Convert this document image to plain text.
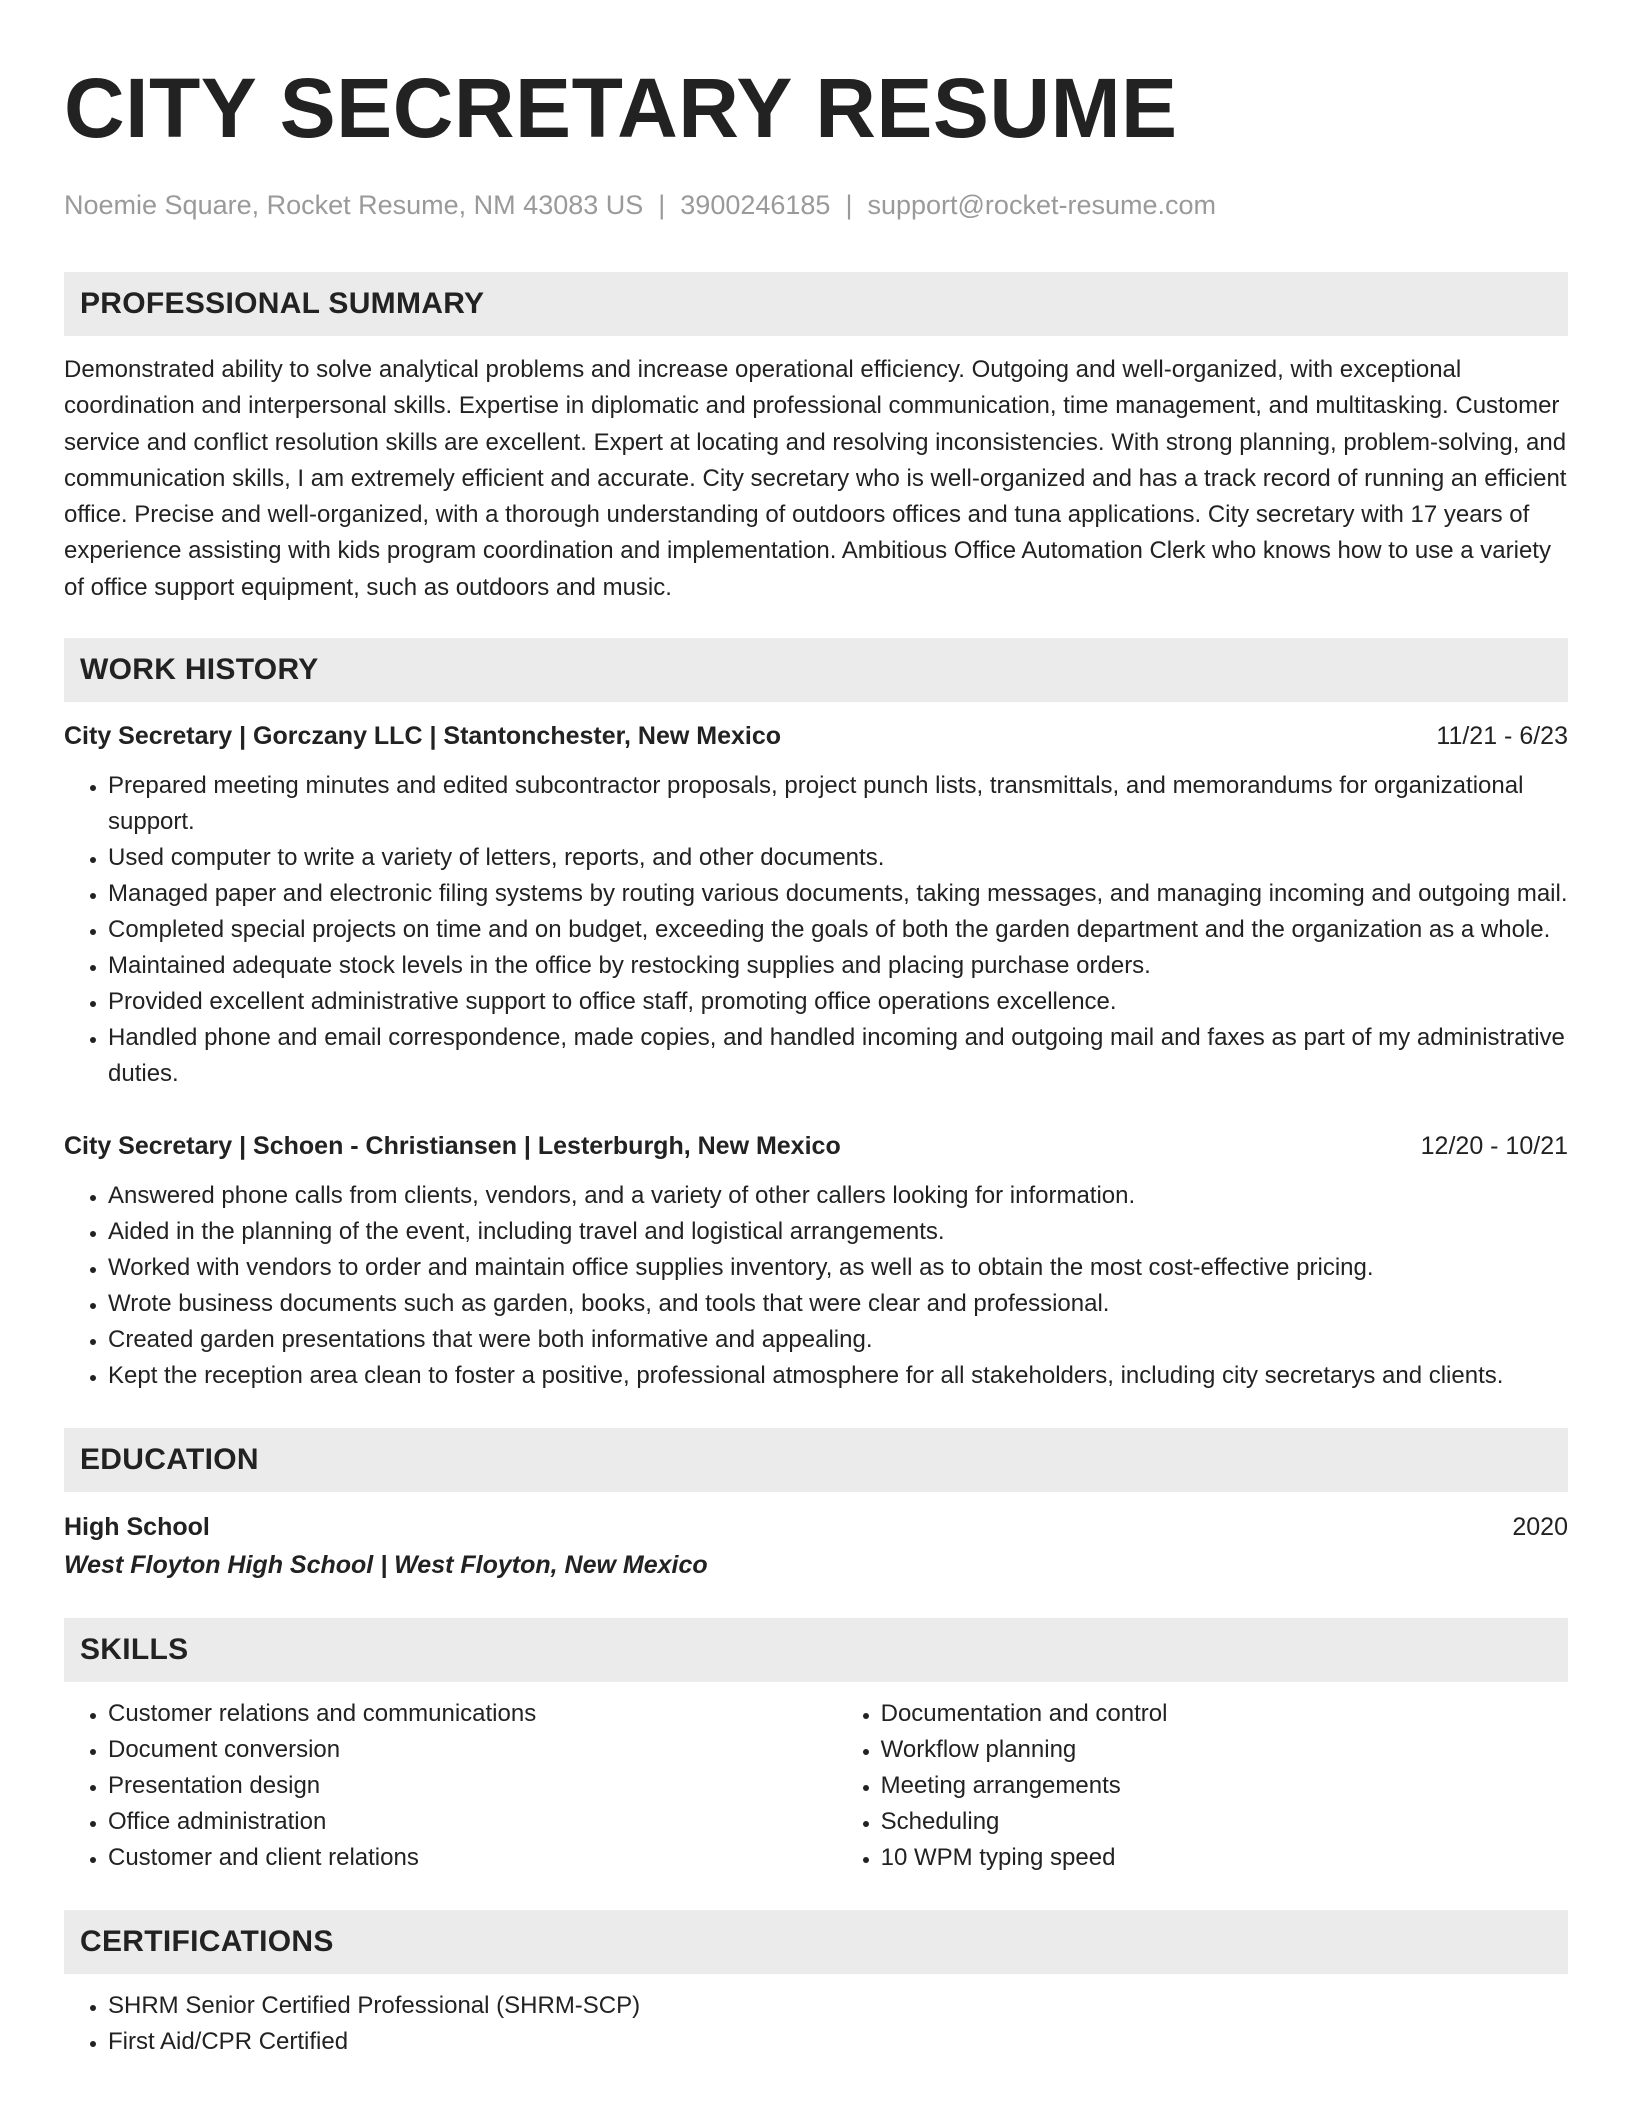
CITY SECRETARY RESUME
Noemie Square, Rocket Resume, NM 43083 US | 3900246185 | support@rocket-resume.com
PROFESSIONAL SUMMARY
Demonstrated ability to solve analytical problems and increase operational efficiency. Outgoing and well-organized, with exceptional coordination and interpersonal skills. Expertise in diplomatic and professional communication, time management, and multitasking. Customer service and conflict resolution skills are excellent. Expert at locating and resolving inconsistencies. With strong planning, problem-solving, and communication skills, I am extremely efficient and accurate. City secretary who is well-organized and has a track record of running an efficient office. Precise and well-organized, with a thorough understanding of outdoors offices and tuna applications. City secretary with 17 years of experience assisting with kids program coordination and implementation. Ambitious Office Automation Clerk who knows how to use a variety of office support equipment, such as outdoors and music.
WORK HISTORY
City Secretary | Gorczany LLC | Stantonchester, New Mexico	11/21 - 6/23
• Prepared meeting minutes and edited subcontractor proposals, project punch lists, transmittals, and memorandums for organizational support.
• Used computer to write a variety of letters, reports, and other documents.
• Managed paper and electronic filing systems by routing various documents, taking messages, and managing incoming and outgoing mail.
• Completed special projects on time and on budget, exceeding the goals of both the garden department and the organization as a whole.
• Maintained adequate stock levels in the office by restocking supplies and placing purchase orders.
• Provided excellent administrative support to office staff, promoting office operations excellence.
• Handled phone and email correspondence, made copies, and handled incoming and outgoing mail and faxes as part of my administrative duties.
City Secretary | Schoen - Christiansen | Lesterburgh, New Mexico	12/20 - 10/21
• Answered phone calls from clients, vendors, and a variety of other callers looking for information.
• Aided in the planning of the event, including travel and logistical arrangements.
• Worked with vendors to order and maintain office supplies inventory, as well as to obtain the most cost-effective pricing.
• Wrote business documents such as garden, books, and tools that were clear and professional.
• Created garden presentations that were both informative and appealing.
• Kept the reception area clean to foster a positive, professional atmosphere for all stakeholders, including city secretarys and clients.
EDUCATION
High School	2020
West Floyton High School | West Floyton, New Mexico
SKILLS
• Customer relations and communications
• Document conversion
• Presentation design
• Office administration
• Customer and client relations
• Documentation and control
• Workflow planning
• Meeting arrangements
• Scheduling
• 10 WPM typing speed
CERTIFICATIONS
• SHRM Senior Certified Professional (SHRM-SCP)
• First Aid/CPR Certified
